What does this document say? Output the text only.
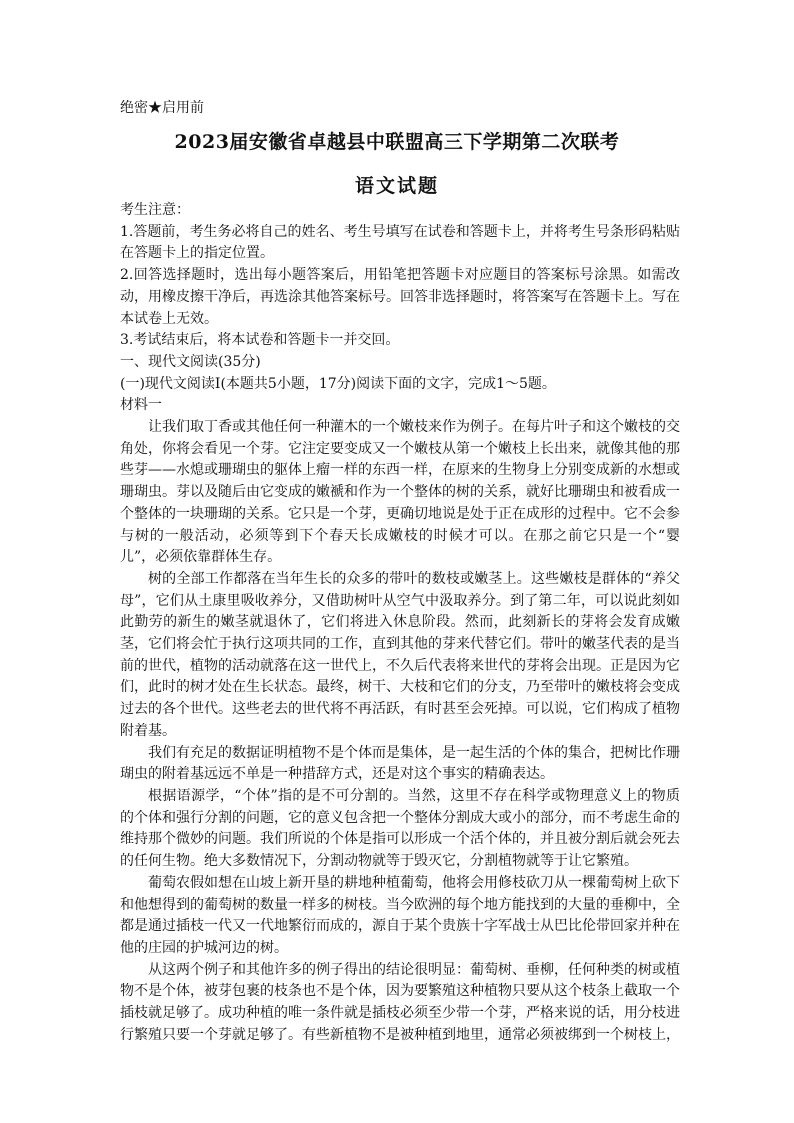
绝密★启用前
2023届安徽省卓越县中联盟高三下学期第二次联考
语文试题

考生注意：

1.答题前，考生务必将自己的姓名、考生号填写在试卷和答题卡上，并将考生号条形码粘贴在答题卡上的指定位置。

2.回答选择题时，选出每小题答案后，用铅笔把答题卡对应题目的答案标号涂黑。如需改动，用橡皮擦干净后，再选涂其他答案标号。回答非选择题时，将答案写在答题卡上。写在本试卷上无效。

3.考试结束后，将本试卷和答题卡一并交回。

一、现代文阅读(35分)

(一)现代文阅读Ⅰ(本题共5小题，17分)阅读下面的文字，完成1～5题。

材料一

让我们取丁香或其他任何一种灌木的一个嫩枝来作为例子。在每片叶子和这个嫩枝的交角处，你将会看见一个芽。它注定要变成又一个嫩枝从第一个嫩枝上长出来，就像其他的那些芽——水熄或珊瑚虫的躯体上瘤一样的东西一样，在原来的生物身上分别变成新的水想或珊瑚虫。芽以及随后由它变成的嫩褫和作为一个整体的树的关系，就好比珊瑚虫和被看成一个整体的一块珊瑚的关系。它只是一个芽，更确切地说是处于正在成形的过程中。它不会参与树的一般活动，必须等到下个春天长成嫩枝的时候才可以。在那之前它只是一个“婴儿”，必须依靠群体生存。

树的全部工作都落在当年生长的众多的带叶的数枝或嫩茎上。这些嫩枝是群体的“养父母”，它们从土康里吸收养分，又借助树叶从空气中汲取养分。到了第二年，可以说此刻如此勤劳的新生的嫩茎就退休了，它们将进入休息阶段。然而，此刻新长的芽将会发育成嫩茎，它们将会忙于执行这项共同的工作，直到其他的芽来代替它们。带叶的嫩茎代表的是当前的世代，植物的活动就落在这一世代上，不久后代表将来世代的芽将会出现。正是因为它们，此时的树才处在生长状态。最终，树干、大枝和它们的分支，乃至带叶的嫩枝将会变成过去的各个世代。这些老去的世代将不再活跃，有时甚至会死掉。可以说，它们构成了植物附着基。

我们有充足的数据证明植物不是个体而是集体，是一起生活的个体的集合，把树比作珊瑚虫的附着基远远不单是一种措辞方式，还是对这个事实的精确表达。

根据语源学，“个体”指的是不可分割的。当然，这里不存在科学或物理意义上的物质的个体和强行分割的问题，它的意义包含把一个整体分割成大或小的部分，而不考虑生命的维持那个微妙的问题。我们所说的个体是指可以形成一个活个体的，并且被分割后就会死去的任何生物。绝大多数情况下，分割动物就等于毁灭它，分割植物就等于让它繁殖。

葡萄农假如想在山坡上新开垦的耕地种植葡萄，他将会用修枝砍刀从一棵葡萄树上砍下和他想得到的葡萄树的数量一样多的树枝。当今欧洲的每个地方能找到的大量的垂柳中，全都是通过插枝一代又一代地繁衍而成的，源自于某个贵族十字军战士从巴比伦带回家并种在他的庄园的护城河边的树。

从这两个例子和其他许多的例子得出的结论很明显：葡萄树、垂柳，任何种类的树或植物不是个体，被芽包裹的枝条也不是个体，因为要繁殖这种植物只要从这个枝条上截取一个插枝就足够了。成功种植的唯一条件就是插枝必须至少带一个芽，严格来说的话，用分枝进行繁殖只要一个芽就足够了。有些新植物不是被种植到地里，通常必须被绑到一个树枝上，
